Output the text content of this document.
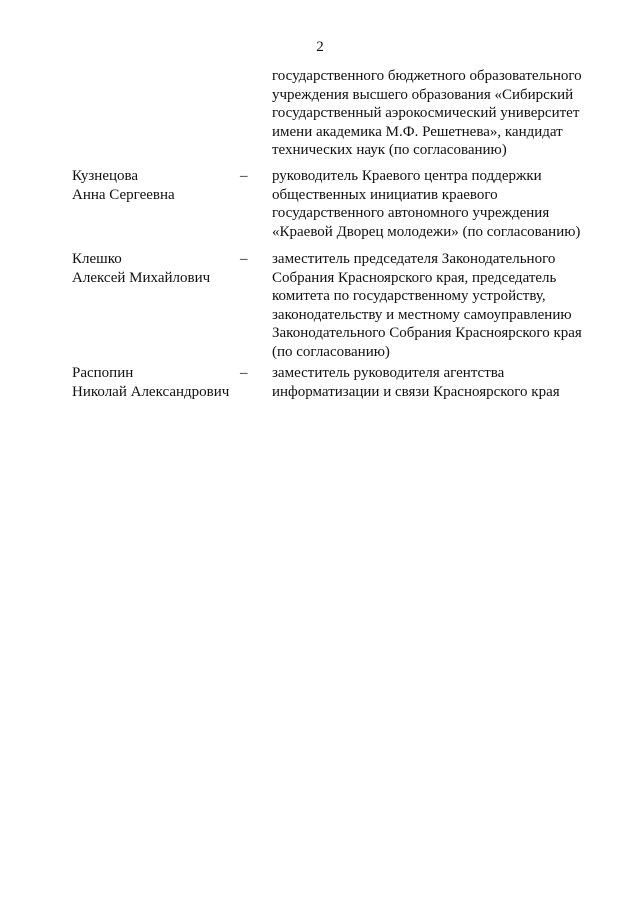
2
государственного бюджетного образовательного
учреждения высшего образования «Сибирский
государственный аэрокосмический университет
имени академика М.Ф. Решетнева», кандидат
технических наук (по согласованию)
Кузнецова
Анна Сергеевна
– руководитель Краевого центра поддержки
общественных инициатив краевого
государственного автономного учреждения
«Краевой Дворец молодежи» (по согласованию)
Клешко
Алексей Михайлович
– заместитель председателя Законодательного
Собрания Красноярского края, председатель
комитета по государственному устройству,
законодательству и местному самоуправлению
Законодательного Собрания Красноярского края
(по согласованию)
Распопин
Николай Александрович
– заместитель руководителя агентства
информатизации и связи Красноярского края
